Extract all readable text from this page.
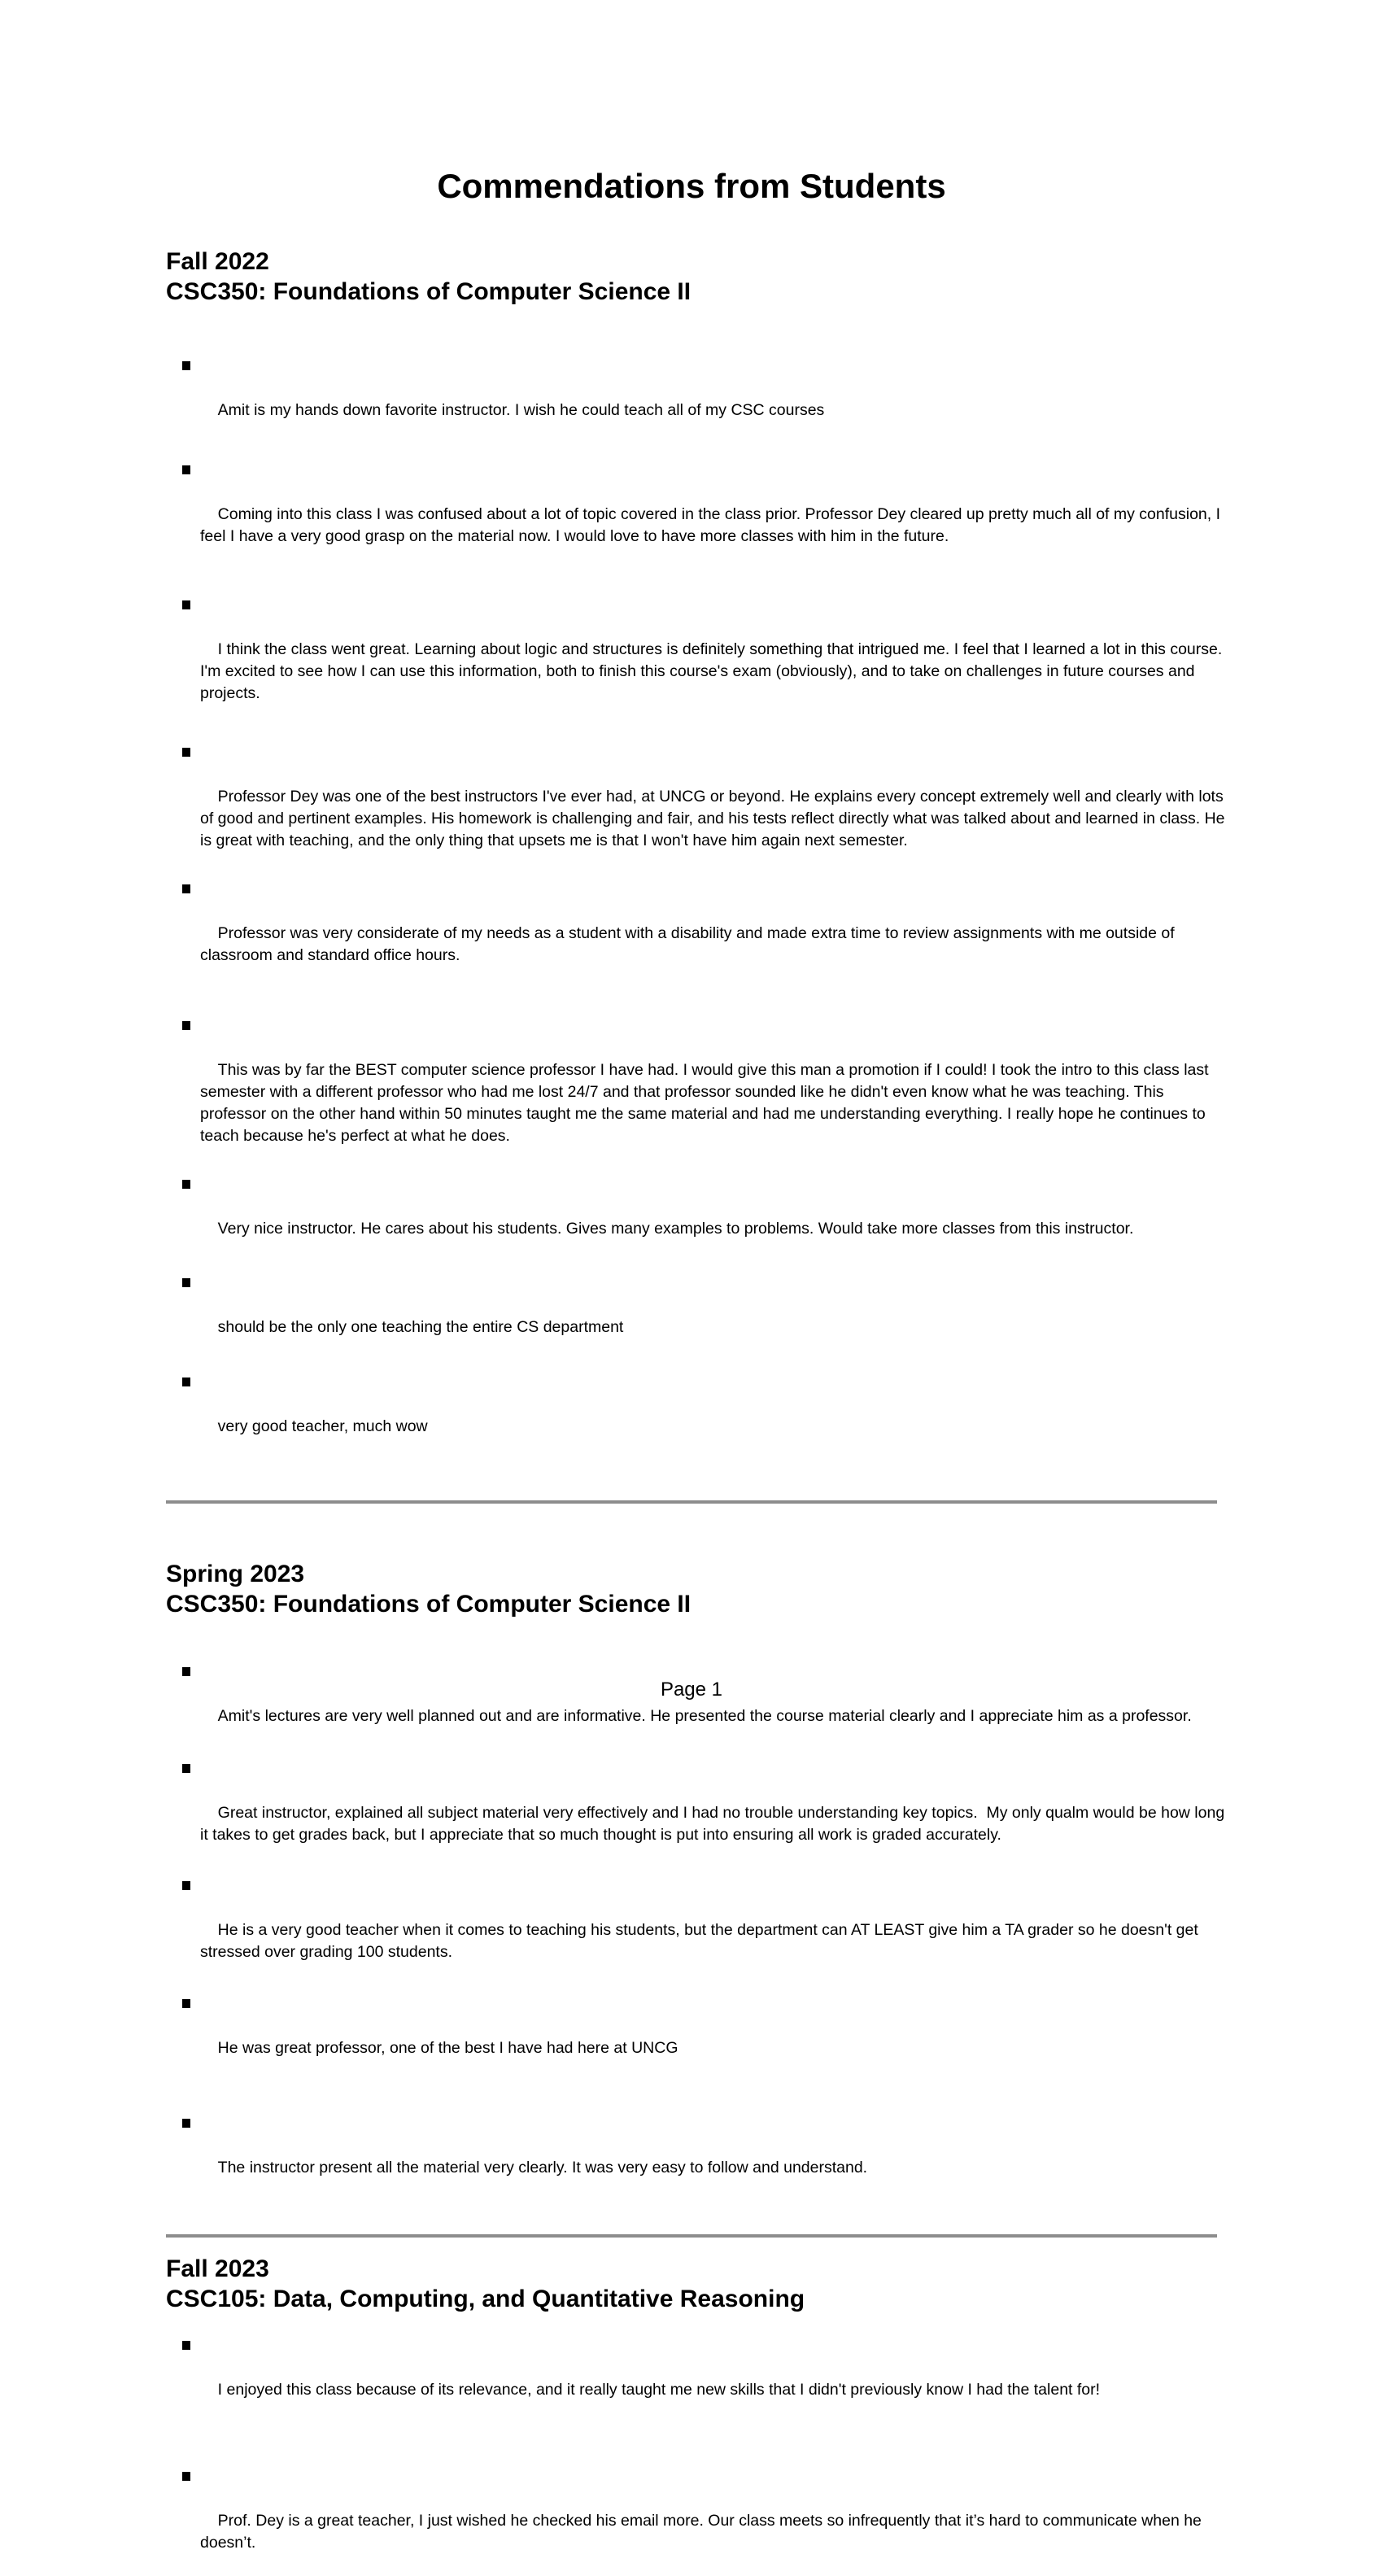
Commendations from Students
Fall 2022
CSC350: Foundations of Computer Science II

Amit is my hands down favorite instructor. I wish he could teach all of my CSC courses

Coming into this class I was confused about a lot of topic covered in the class prior. Professor Dey cleared up pretty much all of my confusion, I feel I have a very good grasp on the material now. I would love to have more classes with him in the future.

I think the class went great. Learning about logic and structures is definitely something that intrigued me. I feel that I learned a lot in this course. I'm excited to see how I can use this information, both to finish this course's exam (obviously), and to take on challenges in future courses and projects.

Professor Dey was one of the best instructors I've ever had, at UNCG or beyond. He explains every concept extremely well and clearly with lots of good and pertinent examples. His homework is challenging and fair, and his tests reflect directly what was talked about and learned in class. He is great with teaching, and the only thing that upsets me is that I won't have him again next semester.

Professor was very considerate of my needs as a student with a disability and made extra time to review assignments with me outside of classroom and standard office hours.

This was by far the BEST computer science professor I have had. I would give this man a promotion if I could! I took the intro to this class last semester with a different professor who had me lost 24/7 and that professor sounded like he didn't even know what he was teaching. This professor on the other hand within 50 minutes taught me the same material and had me understanding everything. I really hope he continues to teach because he's perfect at what he does.

Very nice instructor. He cares about his students. Gives many examples to problems. Would take more classes from this instructor.

should be the only one teaching the entire CS department

very good teacher, much wow

Spring 2023
CSC350: Foundations of Computer Science II

Amit's lectures are very well planned out and are informative. He presented the course material clearly and I appreciate him as a professor.

Great instructor, explained all subject material very effectively and I had no trouble understanding key topics.  My only qualm would be how long it takes to get grades back, but I appreciate that so much thought is put into ensuring all work is graded accurately.

He is a very good teacher when it comes to teaching his students, but the department can AT LEAST give him a TA grader so he doesn't get stressed over grading 100 students.

He was great professor, one of the best I have had here at UNCG

The instructor present all the material very clearly. It was very easy to follow and understand.

Fall 2023
CSC105: Data, Computing, and Quantitative Reasoning

I enjoyed this class because of its relevance, and it really taught me new skills that I didn't previously know I had the talent for!

Prof. Dey is a great teacher, I just wished he checked his email more. Our class meets so infrequently that it’s hard to communicate when he doesn’t.

Page 1
